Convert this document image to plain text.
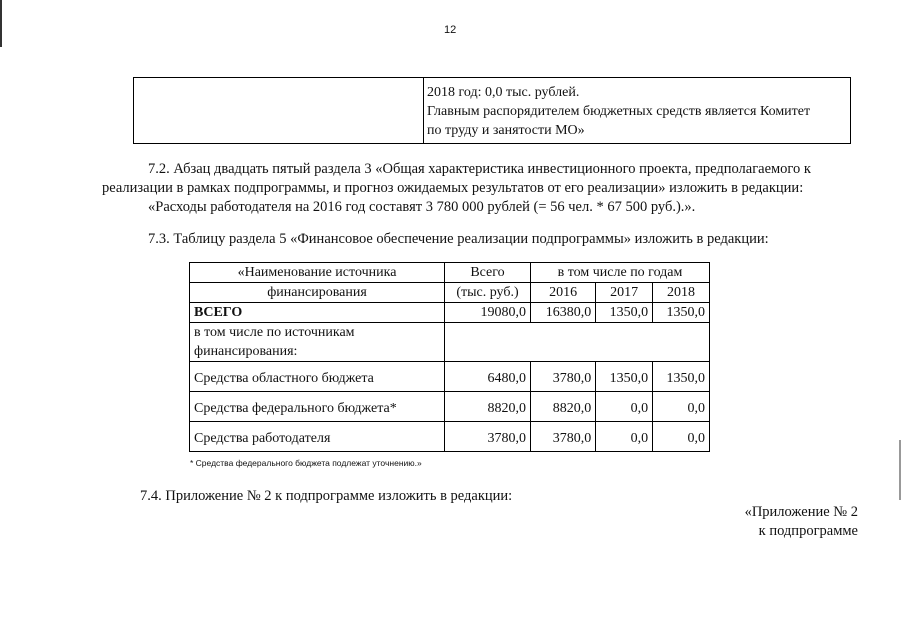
12

2018 год: 0,0 тыс. рублей.
Главным распорядителем бюджетных средств является Комитет
по труду и занятости МО»
7.2. Абзац двадцать пятый раздела 3 «Общая характеристика инвестиционного проекта, предполагаемого к
реализации в рамках подпрограммы, и прогноз ожидаемых результатов от его реализации» изложить в редакции:
«Расходы работодателя на 2016 год составят 3 780 000 рублей (= 56 чел. * 67 500 руб.).».
7.3. Таблицу раздела 5 «Финансовое обеспечение реализации подпрограммы» изложить в редакции:
«Наименование источника	Всего	в том числе по годам		
финансирования	(тыс. руб.)	2016	2017	2018
ВСЕГО	19080,0	16380,0	1350,0	1350,0

в том числе по источникам
финансирования:				

Средства областного бюджета	6480,0	3780,0	1350,0	1350,0
Средства федерального бюджета*	8820,0	8820,0	0,0	0,0
Средства работодателя	3780,0	3780,0	0,0	0,0
* Средства федерального бюджета подлежат уточнению.»
7.4. Приложение № 2 к подпрограмме изложить в редакции:
«Приложение № 2
к подпрограмме
